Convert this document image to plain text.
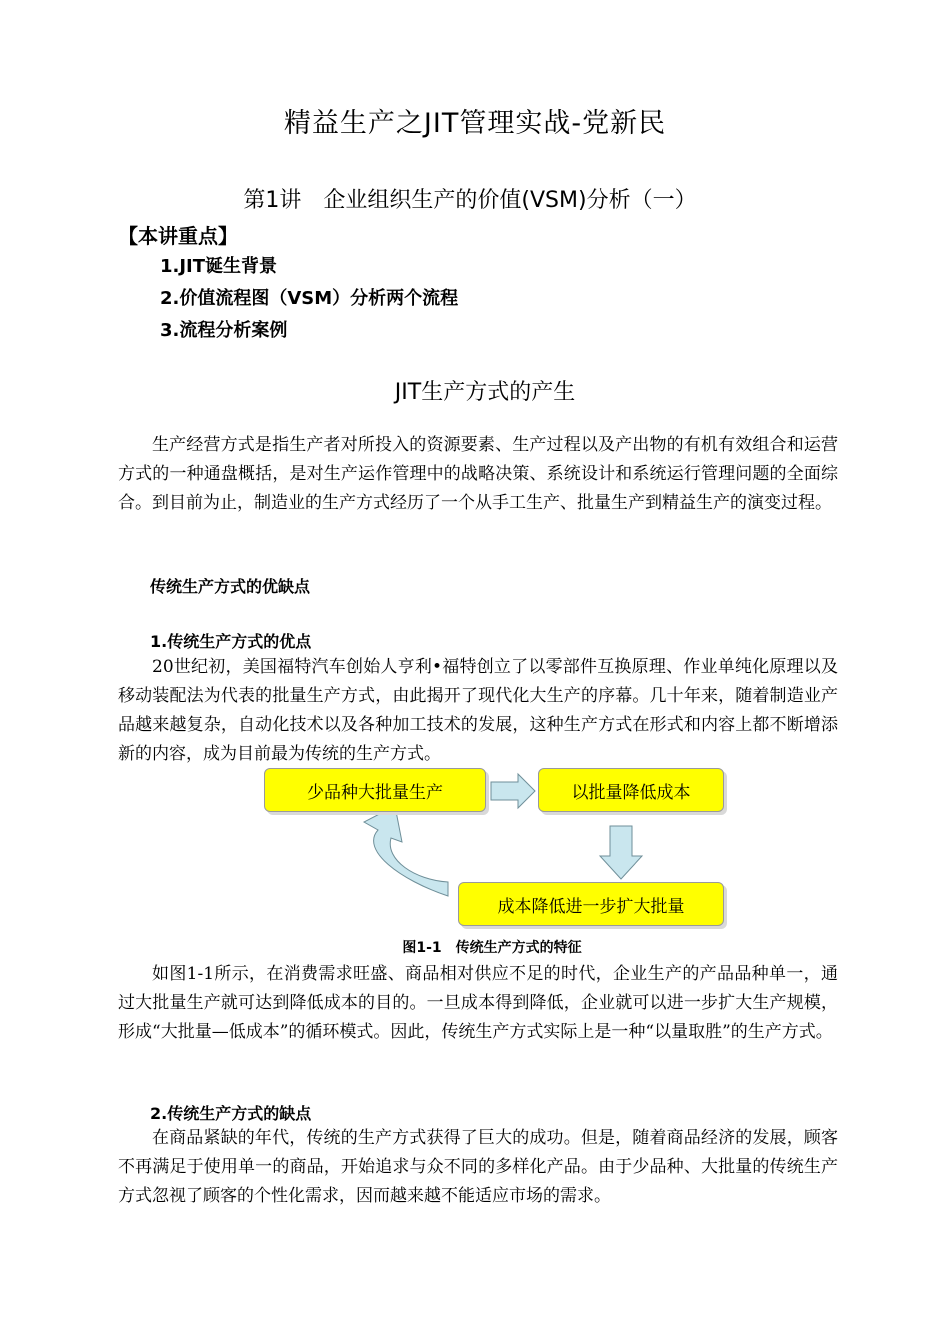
精益生产之JIT管理实战-党新民
第1讲　企业组织生产的价值(VSM)分析（一）
【本讲重点】
1.JIT诞生背景
2.价值流程图（VSM）分析两个流程
3.流程分析案例
JIT生产方式的产生
生产经营方式是指生产者对所投入的资源要素、生产过程以及产出物的有机有效组合和运营方式的一种通盘概括，是对生产运作管理中的战略决策、系统设计和系统运行管理问题的全面综合。到目前为止，制造业的生产方式经历了一个从手工生产、批量生产到精益生产的演变过程。
传统生产方式的优缺点
1.传统生产方式的优点
20世纪初，美国福特汽车创始人亨利•福特创立了以零部件互换原理、作业单纯化原理以及移动装配法为代表的批量生产方式，由此揭开了现代化大生产的序幕。几十年来，随着制造业产品越来越复杂，自动化技术以及各种加工技术的发展，这种生产方式在形式和内容上都不断增添新的内容，成为目前最为传统的生产方式。
少品种大批量生产	以批量降低成本
成本降低进一步扩大批量
图1-1　传统生产方式的特征
如图1-1所示，在消费需求旺盛、商品相对供应不足的时代，企业生产的产品品种单一，通过大批量生产就可达到降低成本的目的。一旦成本得到降低，企业就可以进一步扩大生产规模，形成“大批量—低成本”的循环模式。因此，传统生产方式实际上是一种“以量取胜”的生产方式。
2.传统生产方式的缺点
在商品紧缺的年代，传统的生产方式获得了巨大的成功。但是，随着商品经济的发展，顾客不再满足于使用单一的商品，开始追求与众不同的多样化产品。由于少品种、大批量的传统生产方式忽视了顾客的个性化需求，因而越来越不能适应市场的需求。
